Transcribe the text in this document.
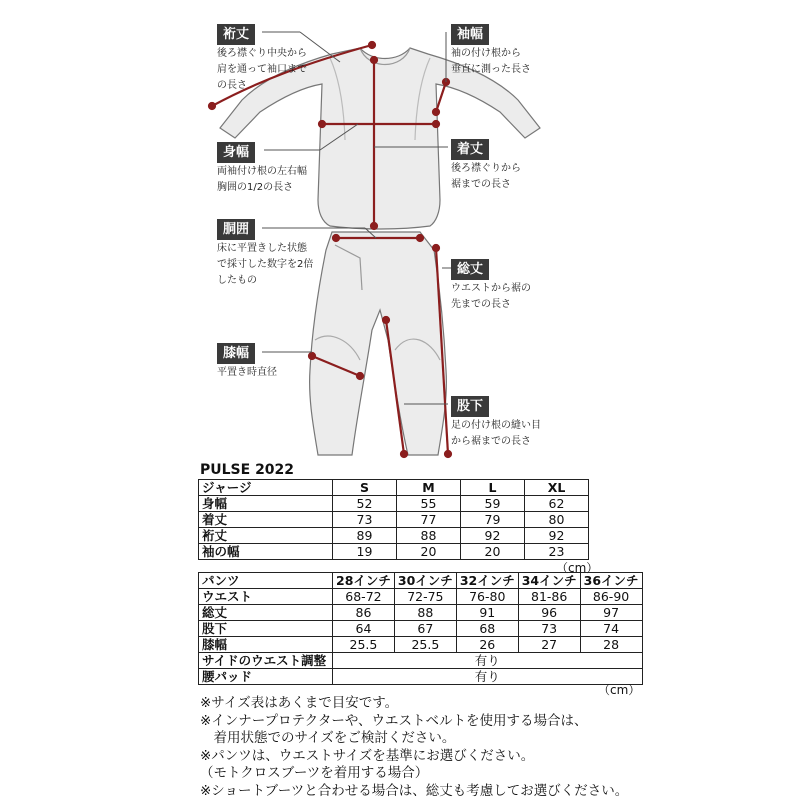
裄丈
後ろ襟ぐり中央から
肩を通って袖口まで
の長さ
袖幅
袖の付け根から
垂直に測った長さ
身幅
両袖付け根の左右幅
胸囲の1/2の長さ
着丈
後ろ襟ぐりから
裾までの長さ
胴囲
床に平置きした状態
で採寸した数字を2倍
したもの
総丈
ウエストから裾の
先までの長さ
膝幅
平置き時直径
股下
足の付け根の縫い目
から裾までの長さ
PULSE 2022
ジャージ	S	M	L	XL
身幅	52	55	59	62
着丈	73	77	79	80
裄丈	89	88	92	92
袖の幅	19	20	20	23
（cm）
パンツ	28インチ	30インチ	32インチ	34インチ	36インチ
ウエスト	68-72	72-75	76-80	81-86	86-90
総丈	86	88	91	96	97
股下	64	67	68	73	74
膝幅	25.5	25.5	26	27	28
サイドのウエスト調整	有り				
腰パッド	有り				
（cm）
※サイズ表はあくまで目安です。
※インナープロテクターや、ウエストベルトを使用する場合は、
　着用状態でのサイズをご検討ください。
※パンツは、ウエストサイズを基準にお選びください。
（モトクロスブーツを着用する場合）
※ショートブーツと合わせる場合は、総丈も考慮してお選びください。
